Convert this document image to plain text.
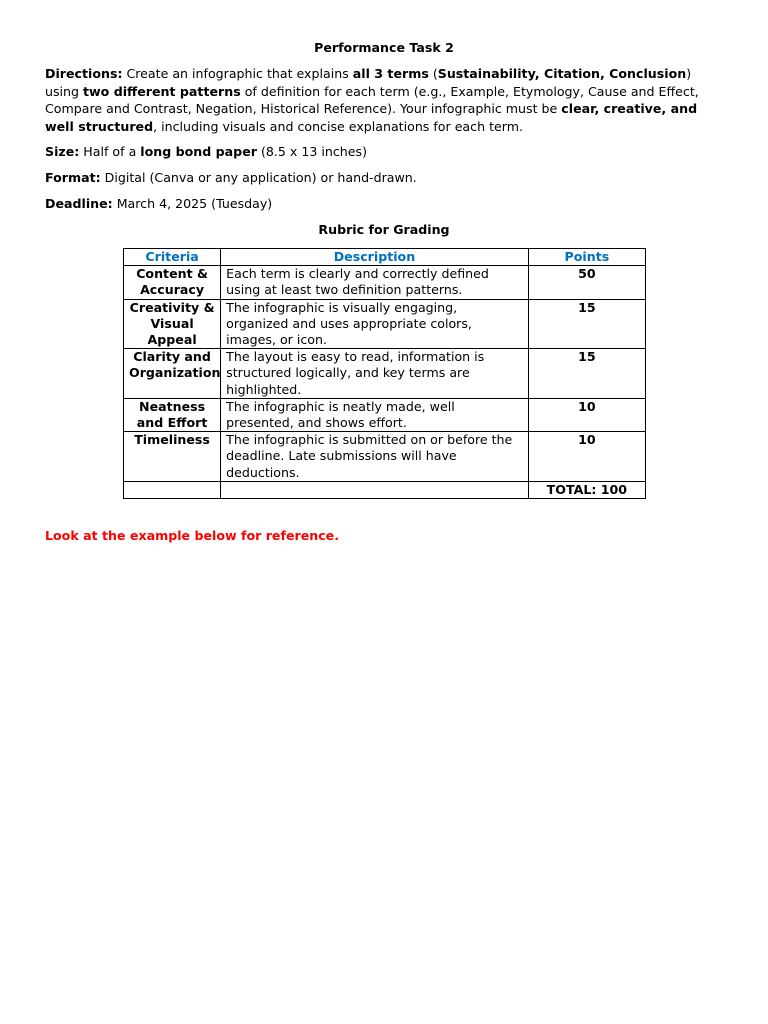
Performance Task 2

Directions: Create an infographic that explains all 3 terms (Sustainability, Citation, Conclusion) using two different patterns of definition for each term (e.g., Example, Etymology, Cause and Effect, Compare and Contrast, Negation, Historical Reference). Your infographic must be clear, creative, and well structured, including visuals and concise explanations for each term.

Size: Half of a long bond paper (8.5 x 13 inches)

Format: Digital (Canva or any application) or hand-drawn.

Deadline: March 4, 2025 (Tuesday)

Rubric for Grading
Criteria	Description	Points
Content & Accuracy	Each term is clearly and correctly defined using at least two definition patterns.	50
Creativity & Visual Appeal	The infographic is visually engaging, organized and uses appropriate colors, images, or icon.	15
Clarity and Organization	The layout is easy to read, information is structured logically, and key terms are highlighted.	15
Neatness and Effort	The infographic is neatly made, well presented, and shows effort.	10
Timeliness	The infographic is submitted on or before the deadline. Late submissions will have deductions.	10
		TOTAL: 100
Look at the example below for reference.
